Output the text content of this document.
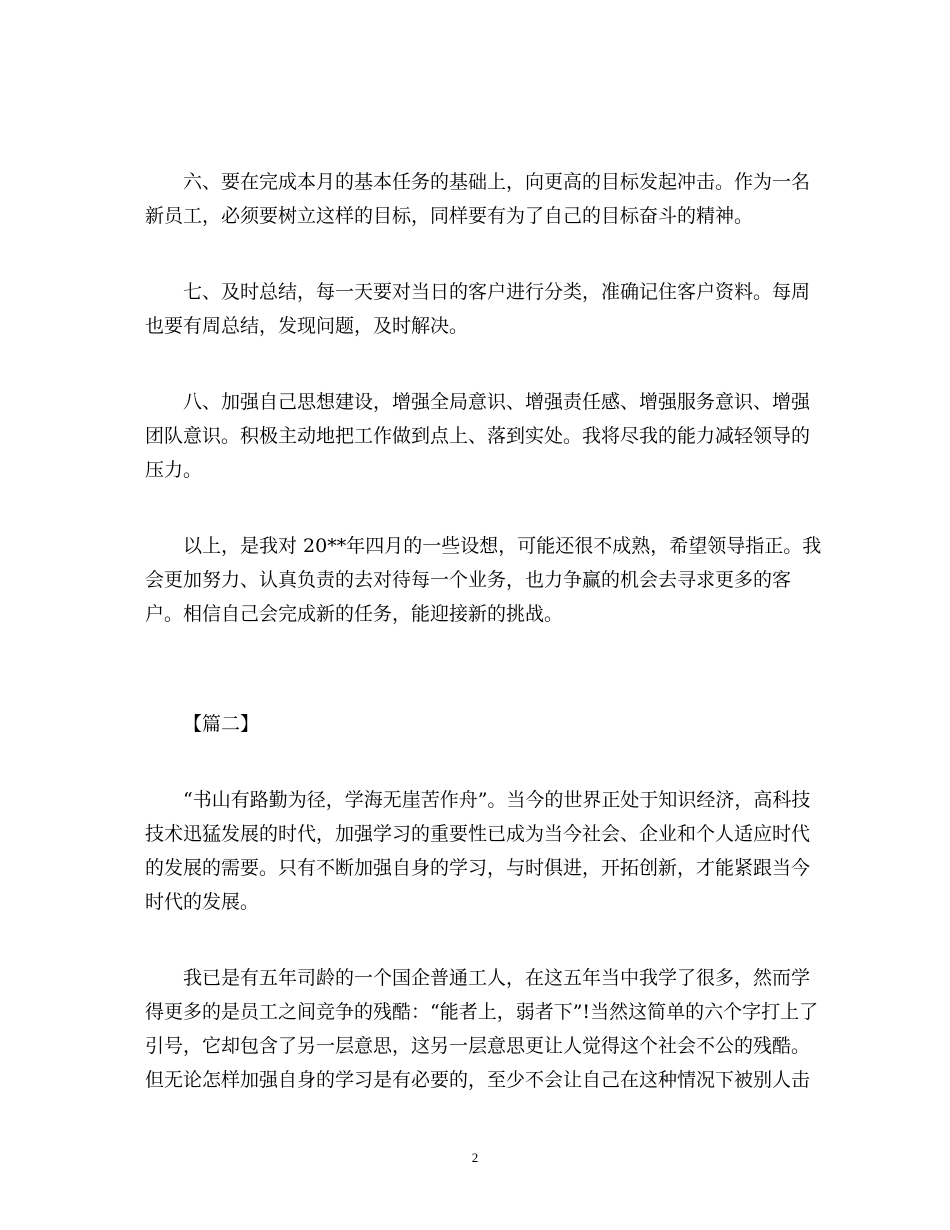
六、要在完成本月的基本任务的基础上，向更高的目标发起冲击。作为一名
新员工，必须要树立这样的目标，同样要有为了自己的目标奋斗的精神。

七、及时总结，每一天要对当日的客户进行分类，准确记住客户资料。每周
也要有周总结，发现问题，及时解决。

八、加强自己思想建设，增强全局意识、增强责任感、增强服务意识、增强
团队意识。积极主动地把工作做到点上、落到实处。我将尽我的能力减轻领导的
压力。

以上，是我对 20**年四月的一些设想，可能还很不成熟，希望领导指正。我
会更加努力、认真负责的去对待每一个业务，也力争赢的机会去寻求更多的客
户。相信自己会完成新的任务，能迎接新的挑战。

【篇二】

“书山有路勤为径，学海无崖苦作舟”。当今的世界正处于知识经济，高科技
技术迅猛发展的时代，加强学习的重要性已成为当今社会、企业和个人适应时代
的发展的需要。只有不断加强自身的学习，与时俱进，开拓创新，才能紧跟当今
时代的发展。

我已是有五年司龄的一个国企普通工人，在这五年当中我学了很多，然而学
得更多的是员工之间竞争的残酷：“能者上，弱者下”!当然这简单的六个字打上了
引号，它却包含了另一层意思，这另一层意思更让人觉得这个社会不公的残酷。
但无论怎样加强自身的学习是有必要的，至少不会让自己在这种情况下被别人击

2
